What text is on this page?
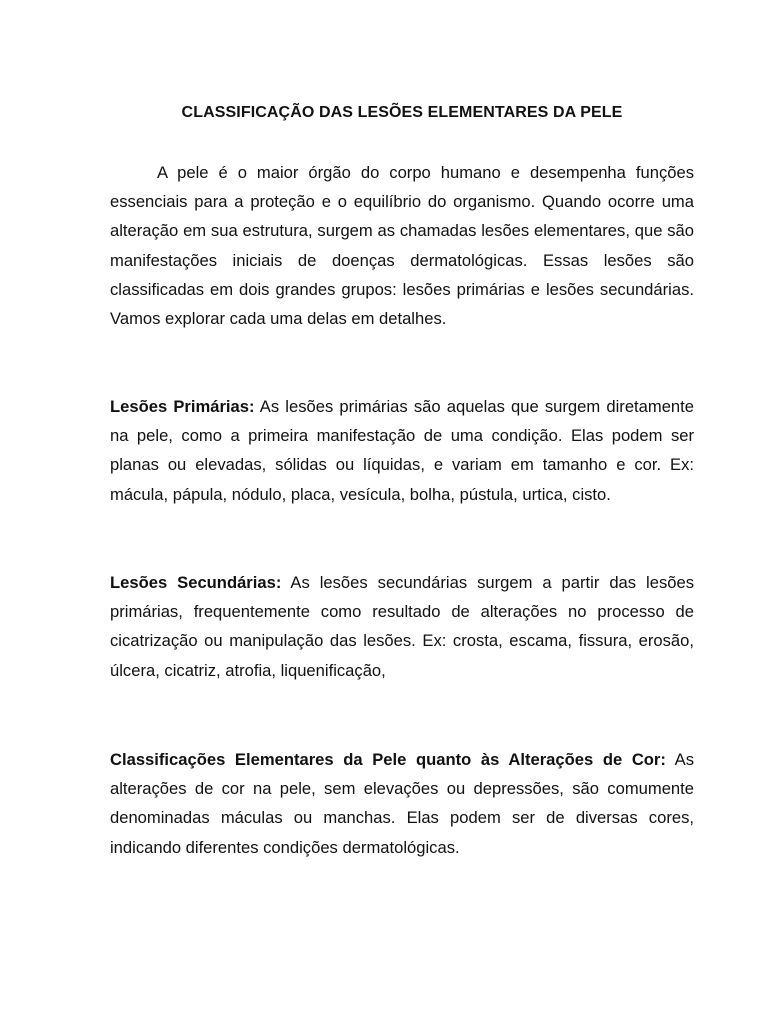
CLASSIFICAÇÃO DAS LESÕES ELEMENTARES DA PELE

A pele é o maior órgão do corpo humano e desempenha funções essenciais para a proteção e o equilíbrio do organismo. Quando ocorre uma alteração em sua estrutura, surgem as chamadas lesões elementares, que são manifestações iniciais de doenças dermatológicas. Essas lesões são classificadas em dois grandes grupos: lesões primárias e lesões secundárias. Vamos explorar cada uma delas em detalhes.

Lesões Primárias: As lesões primárias são aquelas que surgem diretamente na pele, como a primeira manifestação de uma condição. Elas podem ser planas ou elevadas, sólidas ou líquidas, e variam em tamanho e cor. Ex: mácula, pápula, nódulo, placa, vesícula, bolha, pústula, urtica, cisto.

Lesões Secundárias: As lesões secundárias surgem a partir das lesões primárias, frequentemente como resultado de alterações no processo de cicatrização ou manipulação das lesões. Ex: crosta, escama, fissura, erosão, úlcera, cicatriz, atrofia, liquenificação,

Classificações Elementares da Pele quanto às Alterações de Cor: As alterações de cor na pele, sem elevações ou depressões, são comumente denominadas máculas ou manchas. Elas podem ser de diversas cores, indicando diferentes condições dermatológicas.
